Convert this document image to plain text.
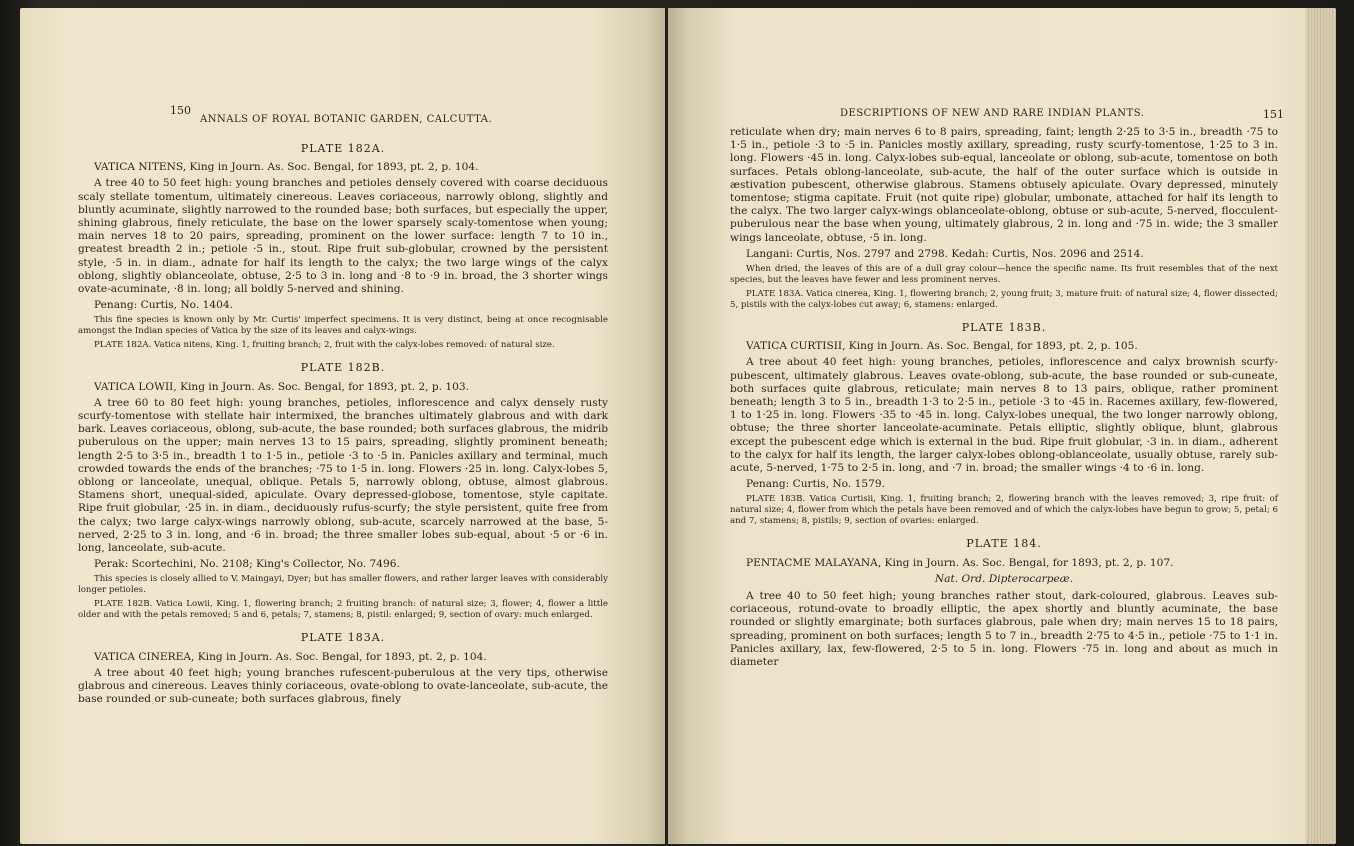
150
ANNALS OF ROYAL BOTANIC GARDEN, CALCUTTA.
PLATE 182A.

VATICA NITENS, King in Journ. As. Soc. Bengal, for 1893, pt. 2, p. 104.

A tree 40 to 50 feet high: young branches and petioles densely covered with coarse deciduous scaly stellate tomentum, ultimately cinereous. Leaves coriaceous, narrowly oblong, slightly and bluntly acuminate, slightly narrowed to the rounded base; both surfaces, but especially the upper, shining glabrous, finely reticulate, the base on the lower sparsely scaly-tomentose when young; main nerves 18 to 20 pairs, spreading, prominent on the lower surface: length 7 to 10 in., greatest breadth 2 in.; petiole ·5 in., stout. Ripe fruit sub-globular, crowned by the persistent style, ·5 in. in diam., adnate for half its length to the calyx; the two large wings of the calyx oblong, slightly oblanceolate, obtuse, 2·5 to 3 in. long and ·8 to ·9 in. broad, the 3 shorter wings ovate-acuminate, ·8 in. long; all boldly 5-nerved and shining.

Penang: Curtis, No. 1404.

This fine species is known only by Mr. Curtis' imperfect specimens. It is very distinct, being at once recognisable amongst the Indian species of Vatica by the size of its leaves and calyx-wings.

PLATE 182A. Vatica nitens, King. 1, fruiting branch; 2, fruit with the calyx-lobes removed: of natural size.

PLATE 182B.

VATICA LOWII, King in Journ. As. Soc. Bengal, for 1893, pt. 2, p. 103.

A tree 60 to 80 feet high: young branches, petioles, inflorescence and calyx densely rusty scurfy-tomentose with stellate hair intermixed, the branches ultimately glabrous and with dark bark. Leaves coriaceous, oblong, sub-acute, the base rounded; both surfaces glabrous, the midrib puberulous on the upper; main nerves 13 to 15 pairs, spreading, slightly prominent beneath; length 2·5 to 3·5 in., breadth 1 to 1·5 in., petiole ·3 to ·5 in. Panicles axillary and terminal, much crowded towards the ends of the branches; ·75 to 1·5 in. long. Flowers ·25 in. long. Calyx-lobes 5, oblong or lanceolate, unequal, oblique. Petals 5, narrowly oblong, obtuse, almost glabrous. Stamens short, unequal-sided, apiculate. Ovary depressed-globose, tomentose, style capitate. Ripe fruit globular, ·25 in. in diam., deciduously rufus-scurfy; the style persistent, quite free from the calyx; two large calyx-wings narrowly oblong, sub-acute, scarcely narrowed at the base, 5-nerved, 2·25 to 3 in. long, and ·6 in. broad; the three smaller lobes sub-equal, about ·5 or ·6 in. long, lanceolate, sub-acute.

Perak: Scortechini, No. 2108; King's Collector, No. 7496.

This species is closely allied to V. Maingayi, Dyer; but has smaller flowers, and rather larger leaves with considerably longer petioles.

PLATE 182B. Vatica Lowii, King. 1, flowering branch; 2 fruiting branch: of natural size; 3, flower; 4, flower a little older and with the petals removed; 5 and 6, petals; 7, stamens; 8, pistil: enlarged; 9, section of ovary: much enlarged.

PLATE 183A.

VATICA CINEREA, King in Journ. As. Soc. Bengal, for 1893, pt. 2, p. 104.

A tree about 40 feet high; young branches rufescent-puberulous at the very tips, otherwise glabrous and cinereous. Leaves thinly coriaceous, ovate-oblong to ovate-lanceolate, sub-acute, the base rounded or sub-cuneate; both surfaces glabrous, finely

DESCRIPTIONS OF NEW AND RARE INDIAN PLANTS.	151

reticulate when dry; main nerves 6 to 8 pairs, spreading, faint; length 2·25 to 3·5 in., breadth ·75 to 1·5 in., petiole ·3 to ·5 in. Panicles mostly axillary, spreading, rusty scurfy-tomentose, 1·25 to 3 in. long. Flowers ·45 in. long. Calyx-lobes sub-equal, lanceolate or oblong, sub-acute, tomentose on both surfaces. Petals oblong-lanceolate, sub-acute, the half of the outer surface which is outside in æstivation pubescent, otherwise glabrous. Stamens obtusely apiculate. Ovary depressed, minutely tomentose; stigma capitate. Fruit (not quite ripe) globular, umbonate, attached for half its length to the calyx. The two larger calyx-wings oblanceolate-oblong, obtuse or sub-acute, 5-nerved, flocculent-puberulous near the base when young, ultimately glabrous, 2 in. long and ·75 in. wide; the 3 smaller wings lanceolate, obtuse, ·5 in. long.

Langani: Curtis, Nos. 2797 and 2798. Kedah: Curtis, Nos. 2096 and 2514.

When dried, the leaves of this are of a dull gray colour—hence the specific name. Its fruit resembles that of the next species, but the leaves have fewer and less prominent nerves.

PLATE 183A. Vatica cinerea, King. 1, flowering branch; 2, young fruit; 3, mature fruit: of natural size; 4, flower dissected; 5, pistils with the calyx-lobes cut away; 6, stamens: enlarged.

PLATE 183B.

VATICA CURTISII, King in Journ. As. Soc. Bengal, for 1893, pt. 2, p. 105.

A tree about 40 feet high: young branches, petioles, inflorescence and calyx brownish scurfy-pubescent, ultimately glabrous. Leaves ovate-oblong, sub-acute, the base rounded or sub-cuneate, both surfaces quite glabrous, reticulate; main nerves 8 to 13 pairs, oblique, rather prominent beneath; length 3 to 5 in., breadth 1·3 to 2·5 in., petiole ·3 to ·45 in. Racemes axillary, few-flowered, 1 to 1·25 in. long. Flowers ·35 to ·45 in. long. Calyx-lobes unequal, the two longer narrowly oblong, obtuse; the three shorter lanceolate-acuminate. Petals elliptic, slightly oblique, blunt, glabrous except the pubescent edge which is external in the bud. Ripe fruit globular, ·3 in. in diam., adherent to the calyx for half its length, the larger calyx-lobes oblong-oblanceolate, usually obtuse, rarely sub-acute, 5-nerved, 1·75 to 2·5 in. long, and ·7 in. broad; the smaller wings ·4 to ·6 in. long.

Penang: Curtis, No. 1579.

PLATE 183B. Vatica Curtisii, King. 1, fruiting branch; 2, flowering branch with the leaves removed; 3, ripe fruit: of natural size; 4, flower from which the petals have been removed and of which the calyx-lobes have begun to grow; 5, petal; 6 and 7, stamens; 8, pistils; 9, section of ovaries: enlarged.

PLATE 184.

PENTACME MALAYANA, King in Journ. As. Soc. Bengal, for 1893, pt. 2, p. 107.

Nat. Ord. Dipterocarpeæ.

A tree 40 to 50 feet high; young branches rather stout, dark-coloured, glabrous. Leaves sub-coriaceous, rotund-ovate to broadly elliptic, the apex shortly and bluntly acuminate, the base rounded or slightly emarginate; both surfaces glabrous, pale when dry; main nerves 15 to 18 pairs, spreading, prominent on both surfaces; length 5 to 7 in., breadth 2·75 to 4·5 in., petiole ·75 to 1·1 in. Panicles axillary, lax, few-flowered, 2·5 to 5 in. long. Flowers ·75 in. long and about as much in diameter
